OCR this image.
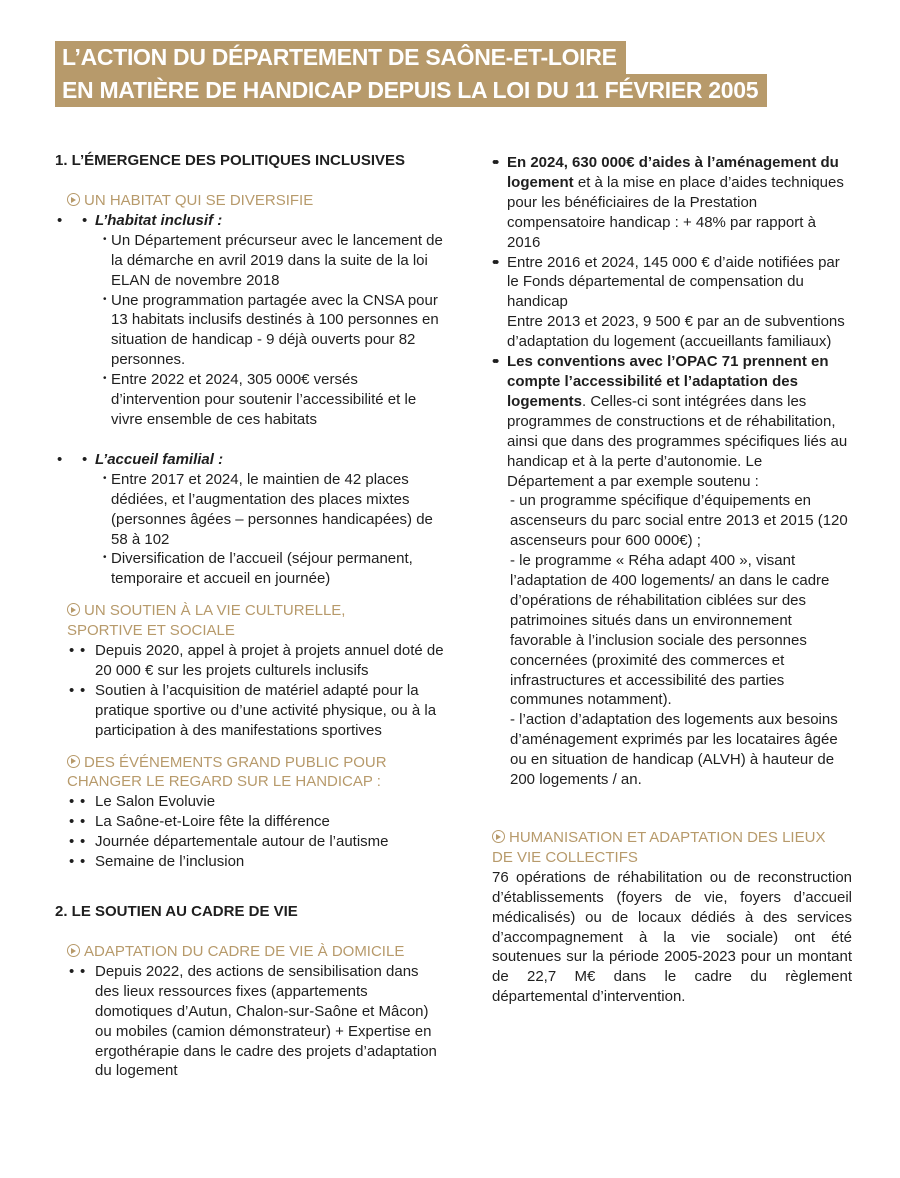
L’ACTION DU DÉPARTEMENT DE SAÔNE-ET-LOIRE
EN MATIÈRE DE HANDICAP DEPUIS LA LOI DU 11 FÉVRIER 2005
1. L’ÉMERGENCE DES POLITIQUES INCLUSIVES
UN HABITAT QUI SE DIVERSIFIE
• • L’habitat inclusif :
• Un Département précurseur avec le lancement de la démarche en avril 2019 dans la suite de la loi ELAN de novembre 2018
• Une programmation partagée avec la CNSA pour 13 habitats inclusifs destinés à 100 personnes en situation de handicap - 9 déjà ouverts pour 82 personnes.
• Entre 2022 et 2024, 305 000€ versés d’intervention pour soutenir l’accessibilité et le vivre ensemble de ces habitats
• • L’accueil familial :
• Entre 2017 et 2024, le maintien de 42 places dédiées, et l’augmentation des places mixtes (personnes âgées – personnes handicapées) de 58 à 102
• Diversification de l’accueil (séjour permanent, temporaire et accueil en journée)
UN SOUTIEN À LA VIE CULTURELLE,
SPORTIVE ET SOCIALE
• • Depuis 2020, appel à projet à projets annuel doté de 20 000 € sur les projets culturels inclusifs
• • Soutien à l’acquisition de matériel adapté pour la pratique sportive ou d’une activité physique, ou à la participation à des manifestations sportives
DES ÉVÉNEMENTS GRAND PUBLIC POUR
CHANGER LE REGARD SUR LE HANDICAP :
• • Le Salon Evoluvie
• • La Saône-et-Loire fête la différence
• • Journée départementale autour de l’autisme
• • Semaine de l’inclusion
2. LE SOUTIEN AU CADRE DE VIE
ADAPTATION DU CADRE DE VIE À DOMICILE
• • Depuis 2022, des actions de sensibilisation dans des lieux ressources fixes (appartements domotiques d’Autun, Chalon-sur-Saône et Mâcon) ou mobiles (camion démonstrateur) + Expertise en ergothérapie dans le cadre des projets d’adaptation du logement
• • En 2024, 630 000€ d’aides à l’aménagement du logement et à la mise en place d’aides techniques pour les bénéficiaires de la Prestation compensatoire handicap : + 48% par rapport à 2016
• • Entre 2016 et 2024, 145 000 € d’aide notifiées par le Fonds départemental de compensation du handicap
Entre 2013 et 2023, 9 500 € par an de subventions d’adaptation du logement (accueillants familiaux)
• • Les conventions avec l’OPAC 71 prennent en compte l’accessibilité et l’adaptation des logements. Celles-ci sont intégrées dans les programmes de constructions et de réhabilitation, ainsi que dans des programmes spécifiques liés au handicap et à la perte d’autonomie. Le Département a par exemple soutenu :
- un programme spécifique d’équipements en ascenseurs du parc social entre 2013 et 2015 (120 ascenseurs pour 600 000€) ;
- le programme « Réha adapt 400 », visant l’adaptation de 400 logements/ an dans le cadre d’opérations de réhabilitation ciblées sur des patrimoines situés dans un environnement favorable à l’inclusion sociale des personnes concernées (proximité des commerces et infrastructures et accessibilité des parties communes notamment).
- l’action d’adaptation des logements aux besoins d’aménagement exprimés par les locataires âgée ou en situation de handicap (ALVH) à hauteur de 200 logements / an.
HUMANISATION ET ADAPTATION DES LIEUX
DE VIE COLLECTIFS
76 opérations de réhabilitation ou de reconstruction d’établissements (foyers de vie, foyers d’accueil médicalisés) ou de locaux dédiés à des services d’accompagnement à la vie sociale) ont été soutenues sur la période 2005-2023 pour un montant de 22,7 M€ dans le cadre du règlement départemental d’intervention.
